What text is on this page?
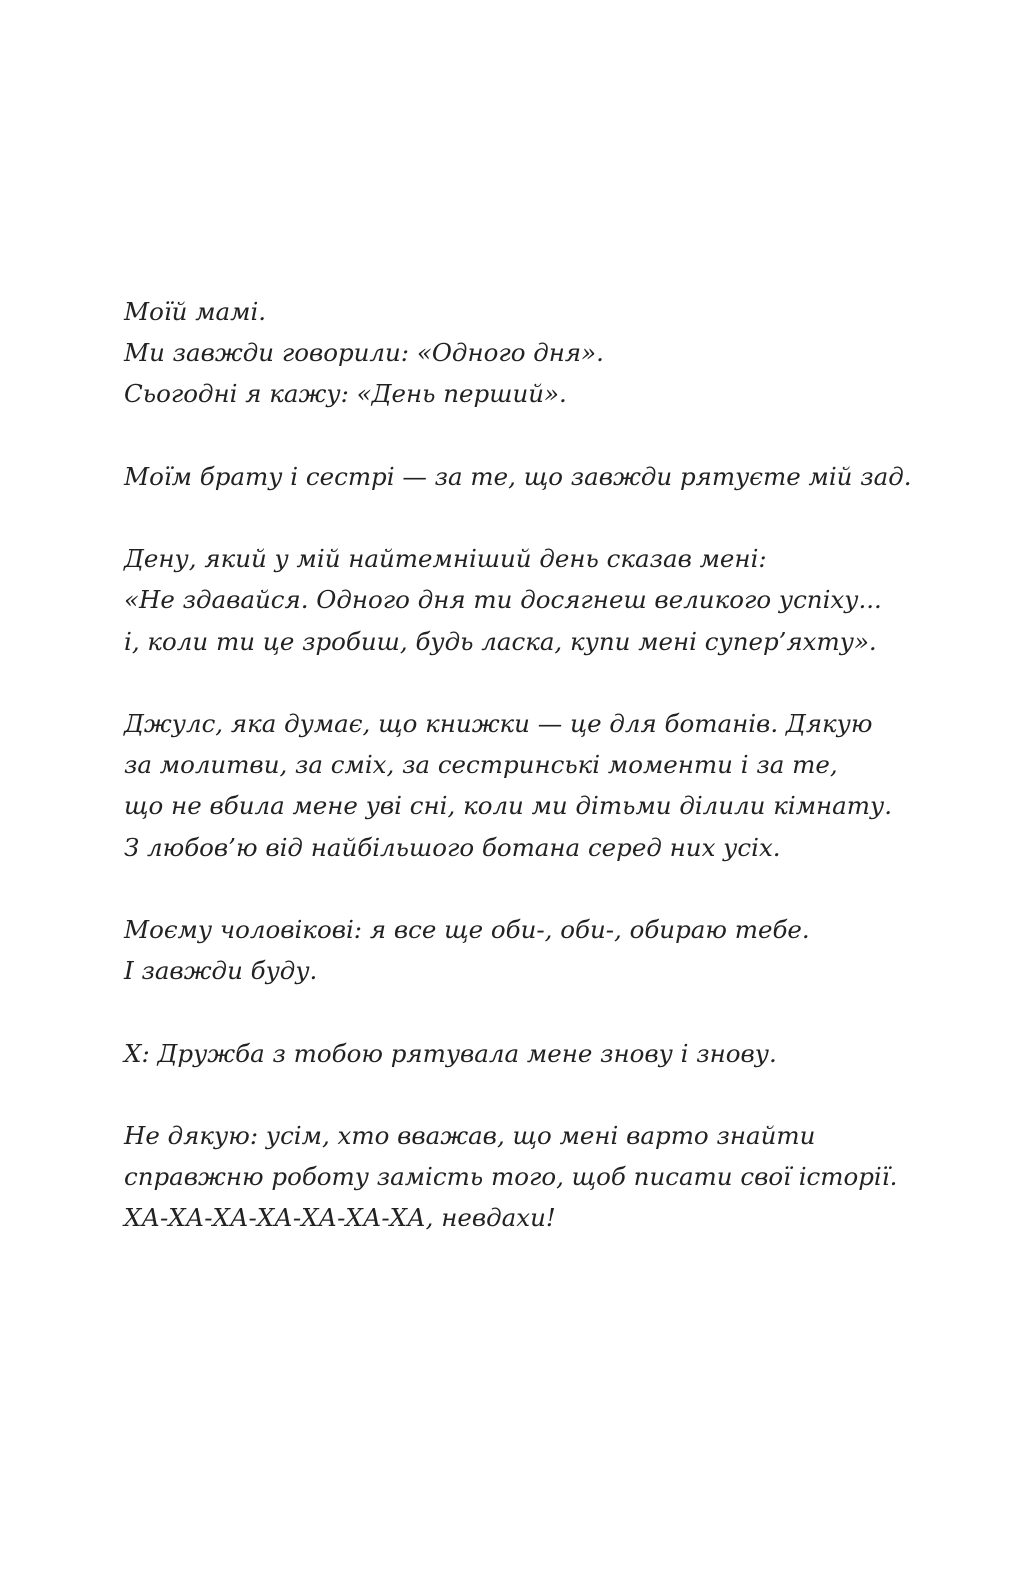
Моїй мамі.
Ми завжди говорили: «Одного дня».
Сьогодні я кажу: «День перший».

Моїм брату і сестрі — за те, що завжди рятуєте мій зад.

Дену, який у мій найтемніший день сказав мені:
«Не здавайся. Одного дня ти досягнеш великого успіху...
і, коли ти це зробиш, будь ласка, купи мені супер’яхту».

Джулс, яка думає, що книжки — це для ботанів. Дякую
за молитви, за сміх, за сестринські моменти і за те,
що не вбила мене уві сні, коли ми дітьми ділили кімнату.
З любов’ю від найбільшого ботана серед них усіх.

Моєму чоловікові: я все ще оби-, оби-, обираю тебе.
І завжди буду.

Х: Дружба з тобою рятувала мене знову і знову.

Не дякую: усім, хто вважав, що мені варто знайти
справжню роботу замість того, щоб писати свої історії.
ХА-ХА-ХА-ХА-ХА-ХА-ХА, невдахи!
